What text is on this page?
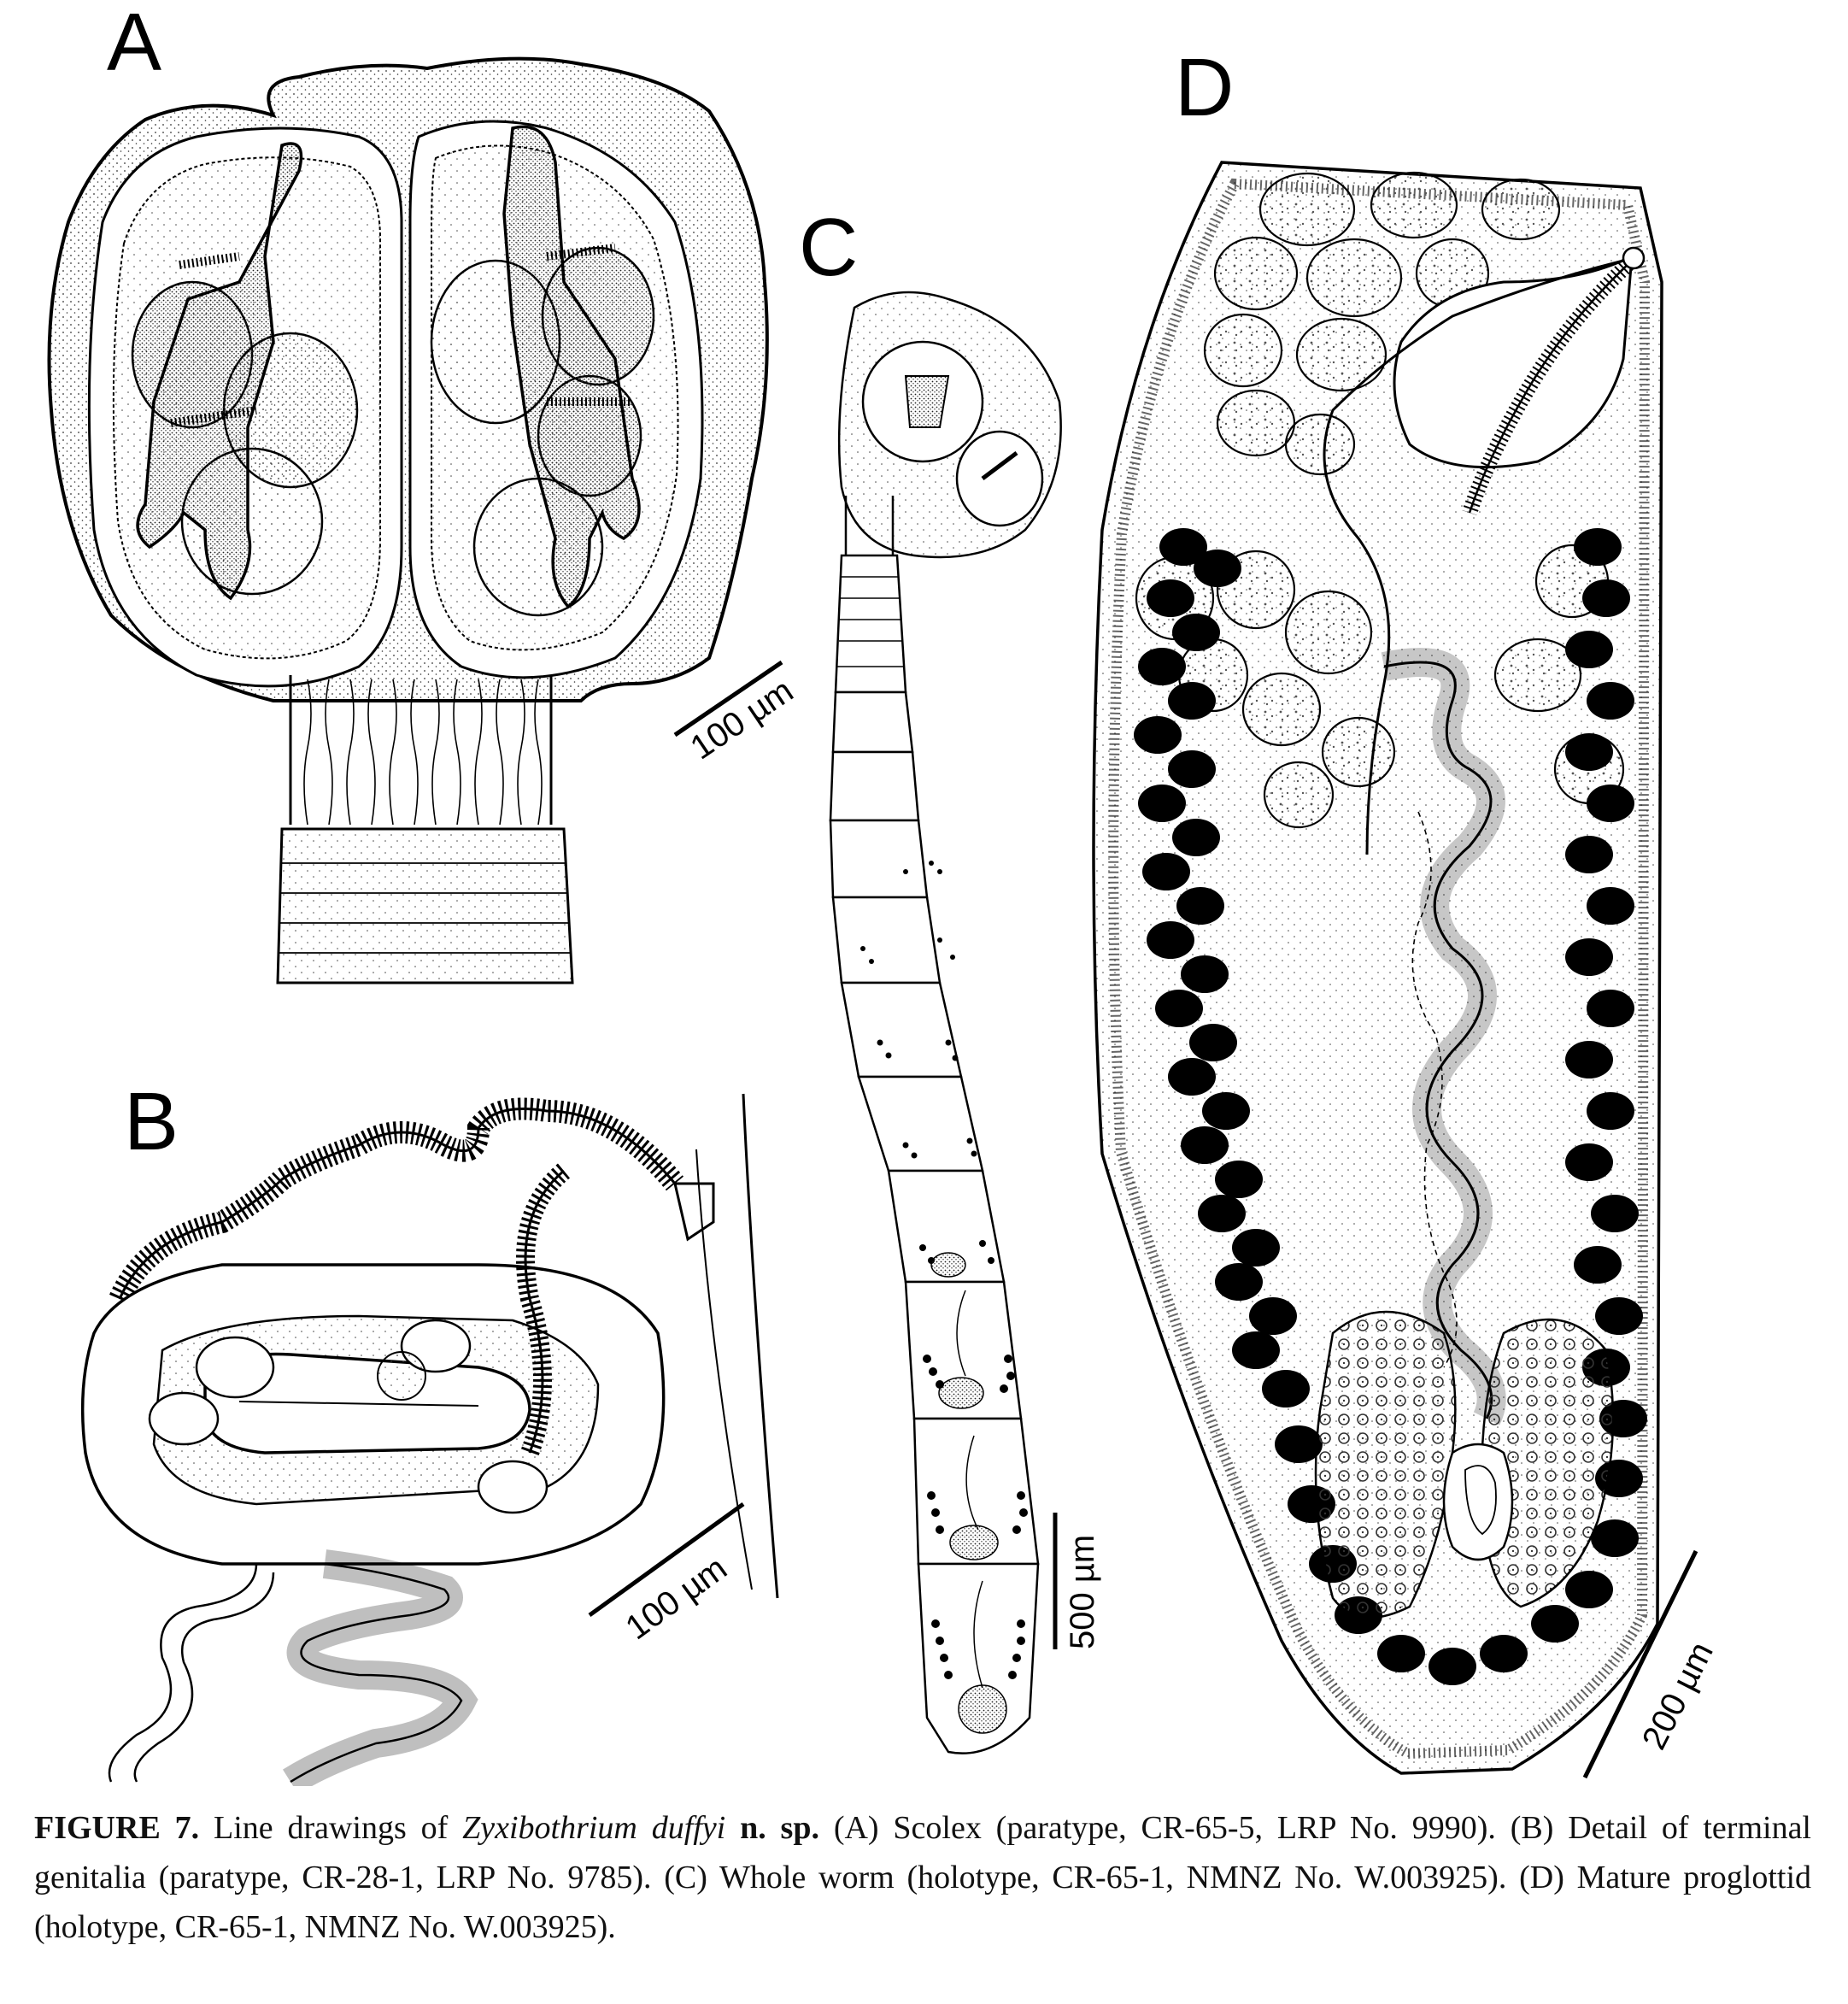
A
100 µm
B
100 µm
C
500 µm
D
200 µm
FIGURE 7. Line drawings of Zyxibothrium duffyi n. sp. (A) Scolex (paratype, CR-65-5, LRP No. 9990). (B) Detail of terminal genitalia (paratype, CR-28-1, LRP No. 9785). (C) Whole worm (holotype, CR-65-1, NMNZ No. W.003925). (D) Mature proglottid (holotype, CR-65-1, NMNZ No. W.003925).
